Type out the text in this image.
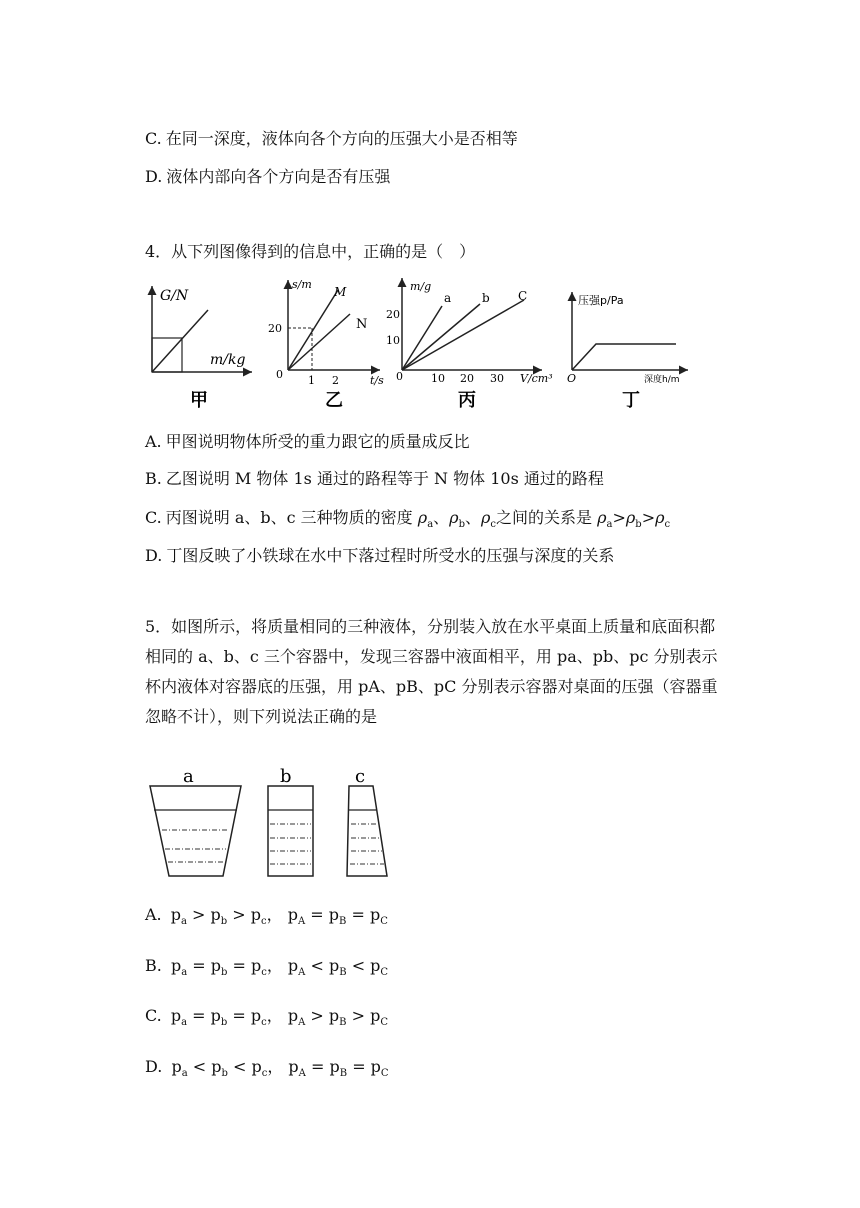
C. 在同一深度，液体向各个方向的压强大小是否相等
D. 液体内部向各个方向是否有压强
4．从下列图像得到的信息中，正确的是（　）
G/N
m/kg
甲
s/m
t/s
0
20
1 2
M
N
乙
m/g
V/cm³
0
20
10
10 20 30
a	b C
丙
压强p/Pa
深度h/m
O
丁
A. 甲图说明物体所受的重力跟它的质量成反比
B. 乙图说明 M 物体 1s 通过的路程等于 N 物体 10s 通过的路程
C. 丙图说明 a、b、c 三种物质的密度 $\rho_a$、$\rho_b$、$\rho_c$之间的关系是 $\rho_a>\rho_b>\rho_c$
D. 丁图反映了小铁球在水中下落过程时所受水的压强与深度的关系
5．如图所示，将质量相同的三种液体，分别装入放在水平桌面上质量和底面积都相同的 a、b、c 三个容器中，发现三容器中液面相平，用 pa、pb、pc 分别表示杯内液体对容器底的压强，用 pA、pB、pC 分别表示容器对桌面的压强（容器重忽略不计），则下列说法正确的是
a	b	c
A. $p_a > p_b > p_c$， $p_A = p_B = p_C$
B. $p_a = p_b = p_c$， $p_A < p_B < p_C$
C. $p_a = p_b = p_c$， $p_A > p_B > p_C$
D. $p_a < p_b < p_c$， $p_A = p_B = p_C$
